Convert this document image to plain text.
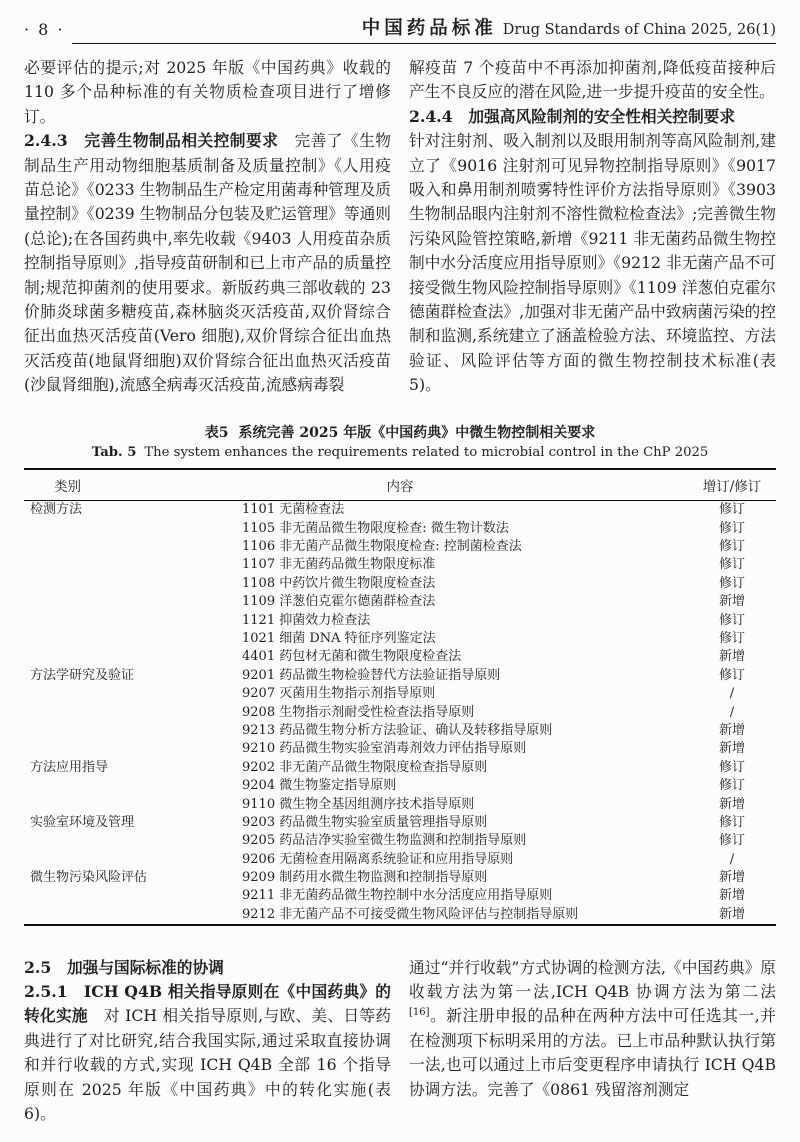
· 8 ·	中国药品标准 Drug Standards of China 2025, 26(1)

必要评估的提示;对 2025 年版《中国药典》收载的 110 多个品种标准的有关物质检查项目进行了增修订。

2.4.3　完善生物制品相关控制要求　完善了《生物制品生产用动物细胞基质制备及质量控制》《人用疫苗总论》《0233 生物制品生产检定用菌毒种管理及质量控制》《0239 生物制品分包装及贮运管理》等通则(总论);在各国药典中,率先收载《9403 人用疫苗杂质控制指导原则》,指导疫苗研制和已上市产品的质量控制;规范抑菌剂的使用要求。新版药典三部收载的 23 价肺炎球菌多糖疫苗,森林脑炎灭活疫苗,双价肾综合征出血热灭活疫苗(Vero 细胞),双价肾综合征出血热灭活疫苗(地鼠肾细胞)双价肾综合征出血热灭活疫苗(沙鼠肾细胞),流感全病毒灭活疫苗,流感病毒裂

解疫苗 7 个疫苗中不再添加抑菌剂,降低疫苗接种后产生不良反应的潜在风险,进一步提升疫苗的安全性。

2.4.4　加强高风险制剂的安全性相关控制要求
针对注射剂、吸入制剂以及眼用制剂等高风险制剂,建立了《9016 注射剂可见异物控制指导原则》《9017 吸入和鼻用制剂喷雾特性评价方法指导原则》《3903 生物制品眼内注射剂不溶性微粒检查法》;完善微生物污染风险管控策略,新增《9211 非无菌药品微生物控制中水分活度应用指导原则》《9212 非无菌产品不可接受微生物风险控制指导原则》《1109 洋葱伯克霍尔德菌群检查法》,加强对非无菌产品中致病菌污染的控制和监测,系统建立了涵盖检验方法、环境监控、方法验证、风险评估等方面的微生物控制技术标准(表 5)。

表5 系统完善 2025 年版《中国药典》中微生物控制相关要求

Tab. 5 The system enhances the requirements related to microbial control in the ChP 2025

类别	内容	增订/修订
检测方法	1101 无菌检查法	修订
	1105 非无菌品微生物限度检查: 微生物计数法	修订
	1106 非无菌产品微生物限度检查: 控制菌检查法	修订
	1107 非无菌药品微生物限度标准	修订
	1108 中药饮片微生物限度检查法	修订
	1109 洋葱伯克霍尔德菌群检查法	新增
	1121 抑菌效力检查法	修订
	1021 细菌 DNA 特征序列鉴定法	修订
	4401 药包材无菌和微生物限度检查法	新增
方法学研究及验证	9201 药品微生物检验替代方法验证指导原则	修订
	9207 灭菌用生物指示剂指导原则	/
	9208 生物指示剂耐受性检查法指导原则	/
	9213 药品微生物分析方法验证、确认及转移指导原则	新增
	9210 药品微生物实验室消毒剂效力评估指导原则	新增
方法应用指导	9202 非无菌产品微生物限度检查指导原则	修订
	9204 微生物鉴定指导原则	修订
	9110 微生物全基因组测序技术指导原则	新增
实验室环境及管理	9203 药品微生物实验室质量管理指导原则	修订
	9205 药品洁净实验室微生物监测和控制指导原则	修订
	9206 无菌检查用隔离系统验证和应用指导原则	/
微生物污染风险评估	9209 制药用水微生物监测和控制指导原则	新增
	9211 非无菌药品微生物控制中水分活度应用指导原则	新增
	9212 非无菌产品不可接受微生物风险评估与控制指导原则	新增

2.5　加强与国际标准的协调

2.5.1　ICH Q4B 相关指导原则在《中国药典》的转化实施　对 ICH 相关指导原则,与欧、美、日等药典进行了对比研究,结合我国实际,通过采取直接协调和并行收载的方式,实现 ICH Q4B 全部 16 个指导原则在 2025 年版《中国药典》中的转化实施(表6)。

通过“并行收载”方式协调的检测方法,《中国药典》原收载方法为第一法,ICH Q4B 协调方法为第二法[16]。新注册申报的品种在两种方法中可任选其一,并在检测项下标明采用的方法。已上市品种默认执行第一法,也可以通过上市后变更程序申请执行 ICH Q4B 协调方法。完善了《0861 残留溶剂测定
